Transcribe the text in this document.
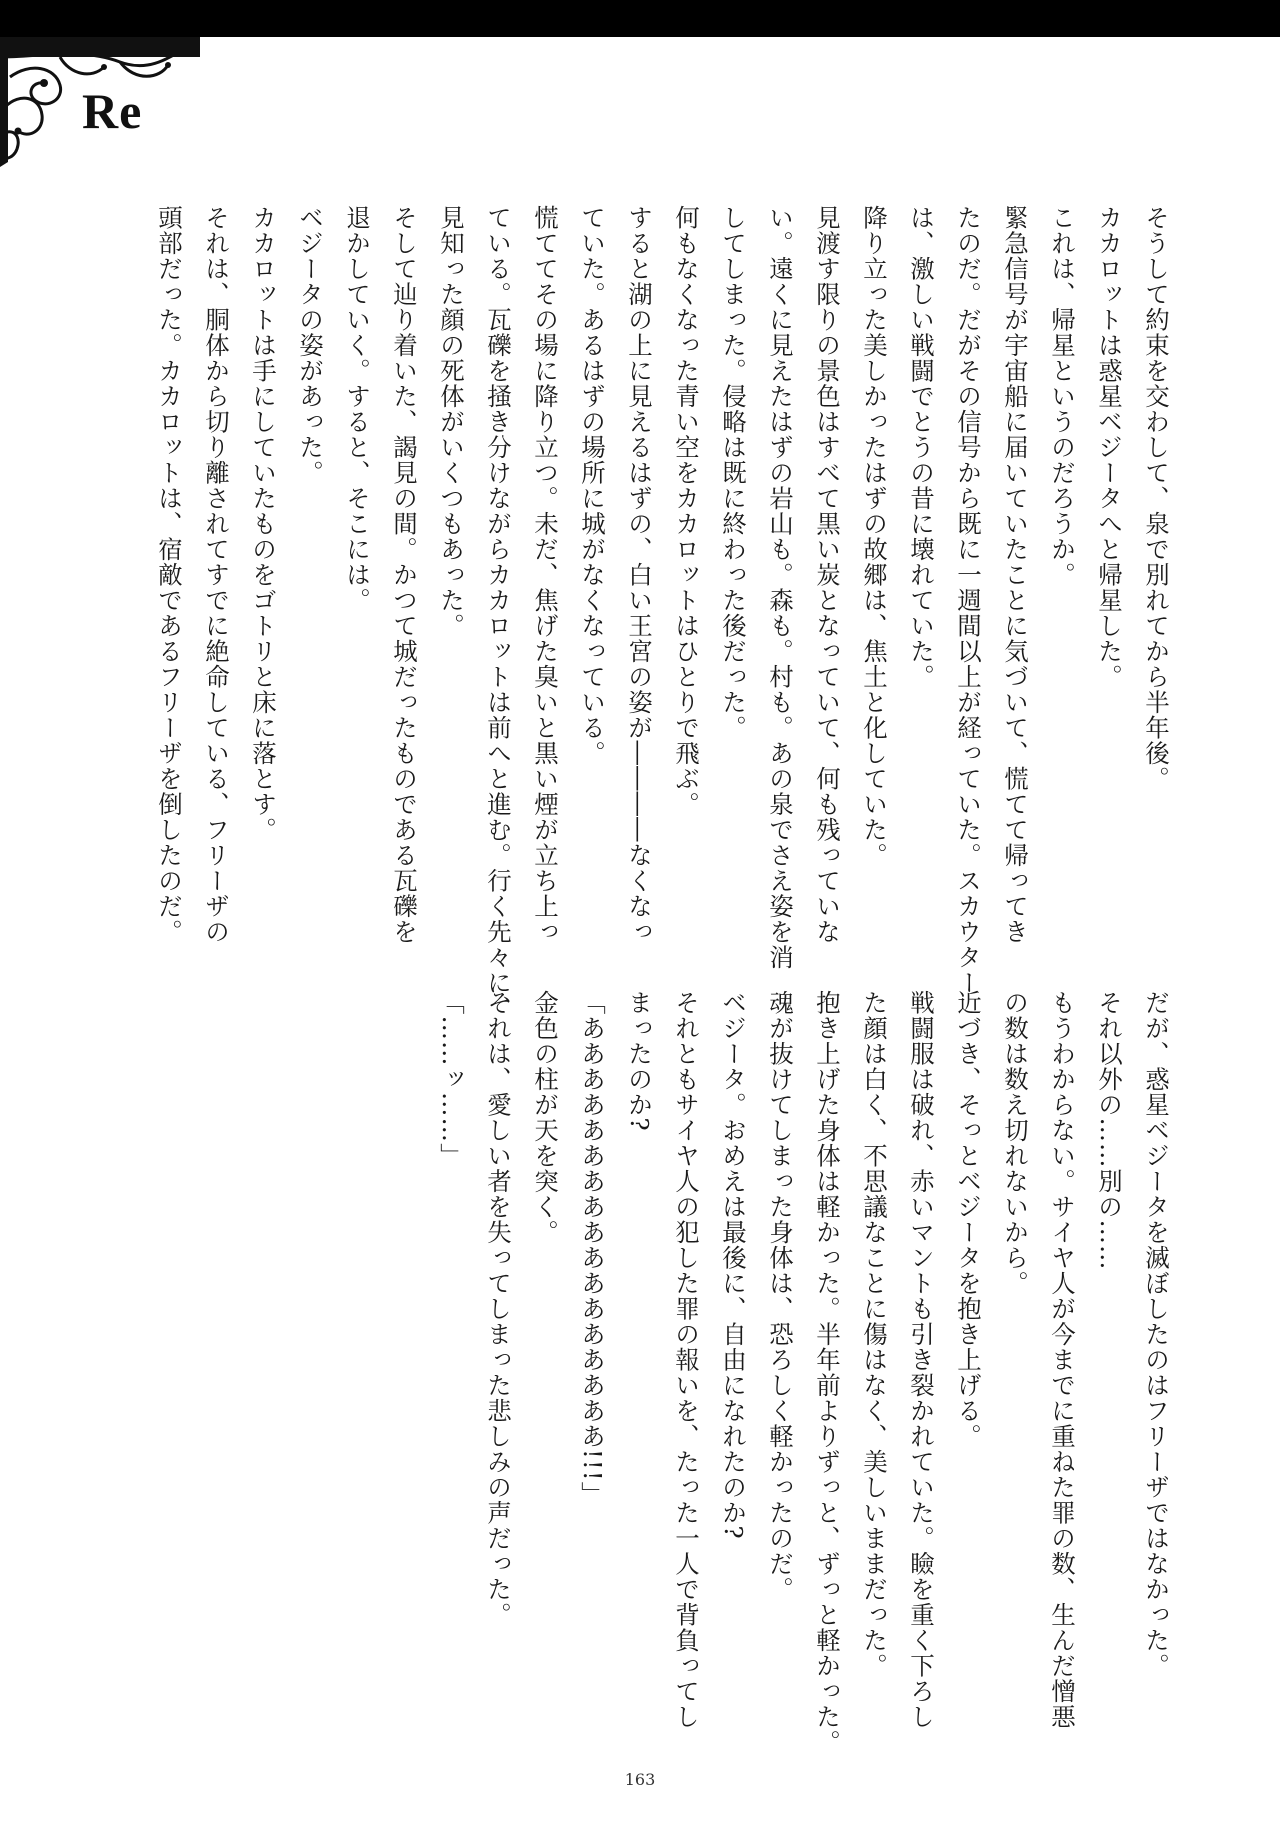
Re

そうして約束を交わして、泉で別れてから半年後。

カカロットは惑星ベジータへと帰星した。

これは、帰星というのだろうか。

緊急信号が宇宙船に届いていたことに気づいて、慌てて帰ってき

たのだ。だがその信号から既に一週間以上が経っていた。スカウター

は、激しい戦闘でとうの昔に壊れていた。

降り立った美しかったはずの故郷は、焦土と化していた。

見渡す限りの景色はすべて黒い炭となっていて、何も残っていな

い。遠くに見えたはずの岩山も。森も。村も。あの泉でさえ姿を消

してしまった。侵略は既に終わった後だった。

何もなくなった青い空をカカロットはひとりで飛ぶ。

すると湖の上に見えるはずの、白い王宮の姿が――――なくなっ

ていた。あるはずの場所に城がなくなっている。

慌ててその場に降り立つ。未だ、焦げた臭いと黒い煙が立ち上っ

ている。瓦礫を掻き分けながらカカロットは前へと進む。行く先々に、

見知った顔の死体がいくつもあった。

そして辿り着いた、謁見の間。かつて城だったものである瓦礫を

退かしていく。すると、そこには。

ベジータの姿があった。

カカロットは手にしていたものをゴトリと床に落とす。

それは、胴体から切り離されてすでに絶命している、フリーザの

頭部だった。カカロットは、宿敵であるフリーザを倒したのだ。

だが、惑星ベジータを滅ぼしたのはフリーザではなかった。

それ以外の……別の……

もうわからない。サイヤ人が今までに重ねた罪の数、生んだ憎悪

の数は数え切れないから。

近づき、そっとベジータを抱き上げる。

戦闘服は破れ、赤いマントも引き裂かれていた。瞼を重く下ろし

た顔は白く、不思議なことに傷はなく、美しいままだった。

抱き上げた身体は軽かった。半年前よりずっと、ずっと軽かった。

魂が抜けてしまった身体は、恐ろしく軽かったのだ。

ベジータ。おめえは最後に、自由になれたのか?

それともサイヤ人の犯した罪の報いを、たった一人で背負ってし

まったのか?

「あああああああああああああああああ!!!」

金色の柱が天を突く。

それは、愛しい者を失ってしまった悲しみの声だった。

「……ッ……」

163
